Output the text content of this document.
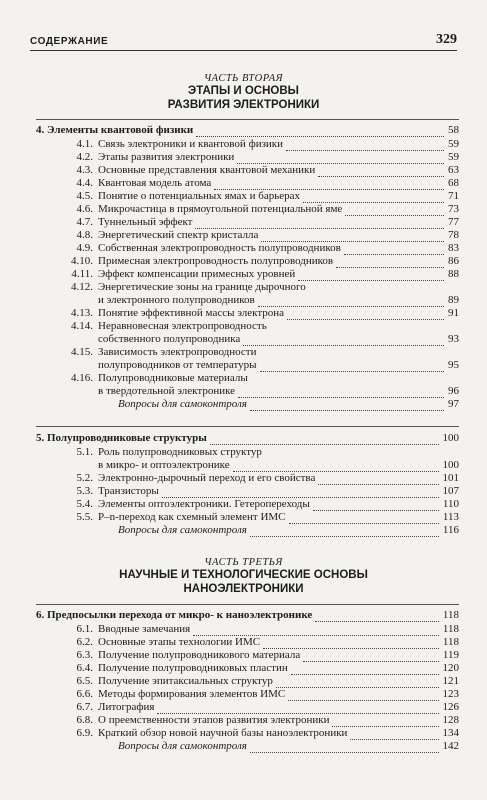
СОДЕРЖАНИЕ	329
ЧАСТЬ ВТОРАЯ
ЭТАПЫ И ОСНОВЫ
РАЗВИТИЯ ЭЛЕКТРОНИКИ
4. Элементы квантовой физики	58
4.1. Связь электроники и квантовой физики	59
4.2. Этапы развития электроники	59
4.3. Основные представления квантовой механики	63
4.4. Квантовая модель атома	68
4.5. Понятие о потенциальных ямах и барьерах	71
4.6. Микрочастица в прямоугольной потенциальной яме	73
4.7. Туннельный эффект	77
4.8. Энергетический спектр кристалла	78
4.9. Собственная электропроводность полупроводников	83
4.10. Примесная электропроводность полупроводников	86
4.11. Эффект компенсации примесных уровней	88
4.12. Энергетические зоны на границе дырочного
и электронного полупроводников	89
4.13. Понятие эффективной массы электрона	91
4.14. Неравновесная электропроводность
собственного полупроводника	93
4.15. Зависимость электропроводности
полупроводников от температуры	95
4.16. Полупроводниковые материалы
в твердотельной электронике	96
Вопросы для самоконтроля	97
5. Полупроводниковые структуры	100
5.1. Роль полупроводниковых структур
в микро- и оптоэлектронике	100
5.2. Электронно-дырочный переход и его свойства	101
5.3. Транзисторы	107
5.4. Элементы оптоэлектроники. Гетеропереходы	110
5.5. P–n-переход как схемный элемент ИМС	113
Вопросы для самоконтроля	116
ЧАСТЬ ТРЕТЬЯ
НАУЧНЫЕ И ТЕХНОЛОГИЧЕСКИЕ ОСНОВЫ
НАНОЭЛЕКТРОНИКИ
6. Предпосылки перехода от микро- к наноэлектронике	118
6.1. Вводные замечания	118
6.2. Основные этапы технологии ИМС	118
6.3. Получение полупроводникового материала	119
6.4. Получение полупроводниковых пластин	120
6.5. Получение эпитаксиальных структур	121
6.6. Методы формирования элементов ИМС	123
6.7. Литография	126
6.8. О преемственности этапов развития электроники	128
6.9. Краткий обзор новой научной базы наноэлектроники	134
Вопросы для самоконтроля	142
